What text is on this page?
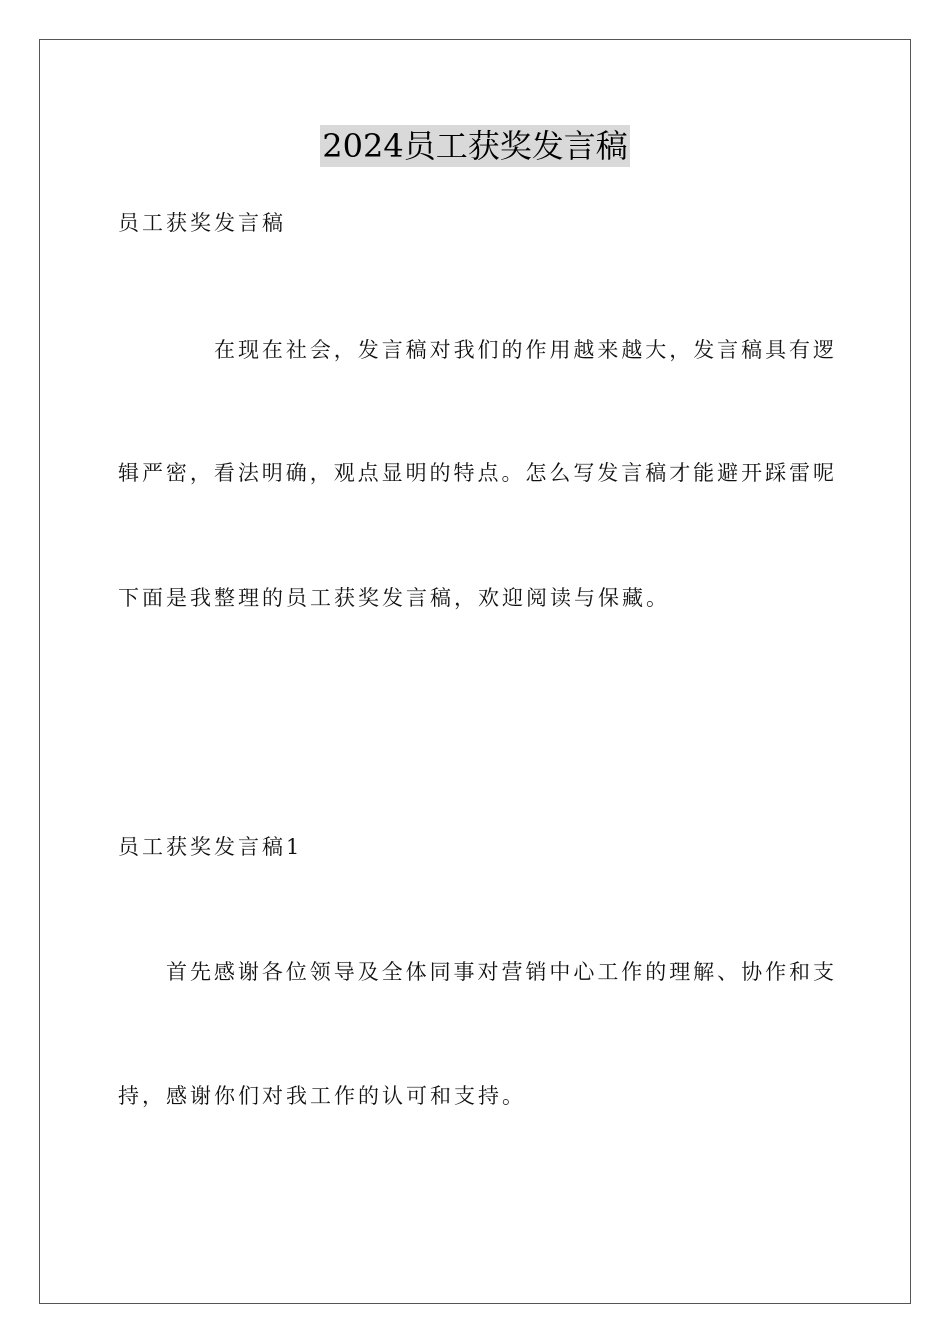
2024员工获奖发言稿
员工获奖发言稿
在现在社会，发言稿对我们的作用越来越大，发言稿具有逻
辑严密，看法明确，观点显明的特点。怎么写发言稿才能避开踩雷呢
下面是我整理的员工获奖发言稿，欢迎阅读与保藏。
员工获奖发言稿1
首先感谢各位领导及全体同事对营销中心工作的理解、协作和支
持，感谢你们对我工作的认可和支持。
